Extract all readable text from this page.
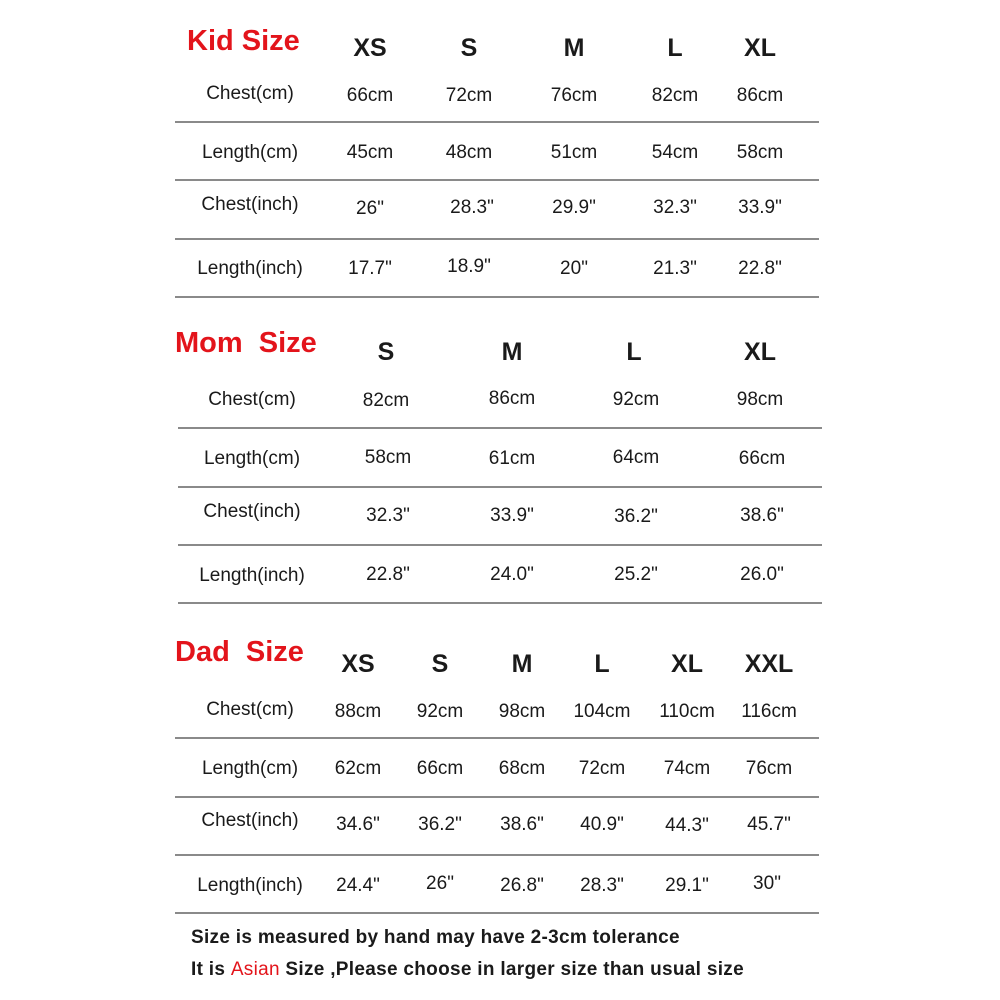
Kid Size XS	S	M	L XL
Chest(cm)	66cm	72cm	76cm	82cm 86cm
Length(cm)	45cm	48cm	51cm	54cm 58cm
Chest(inch)	26"	28.3"	29.9"	32.3" 33.9"
Length(inch) 17.7"	18.9"	20"	21.3" 22.8"
Mom  Size S	M	L	XL
Chest(cm)	82cm	86cm	92cm	98cm
Length(cm)	58cm	61cm	64cm	66cm
Chest(inch)	32.3"	33.9"	36.2"	38.6"
Length(inch)	22.8"	24.0"	25.2"	26.0"
Dad  Size XS S	M L XL XXL
Chest(cm) 88cm 92cm 98cm 104cm 110cm 116cm
Length(cm) 62cm 66cm 68cm 72cm 74cm 76cm
Chest(inch) 34.6" 36.2" 38.6" 40.9" 44.3" 45.7"
Length(inch) 24.4" 26" 26.8" 28.3" 29.1" 30"
Size is measured by hand may have 2-3cm tolerance
It is Asian Size ,Please choose in larger size than usual size
